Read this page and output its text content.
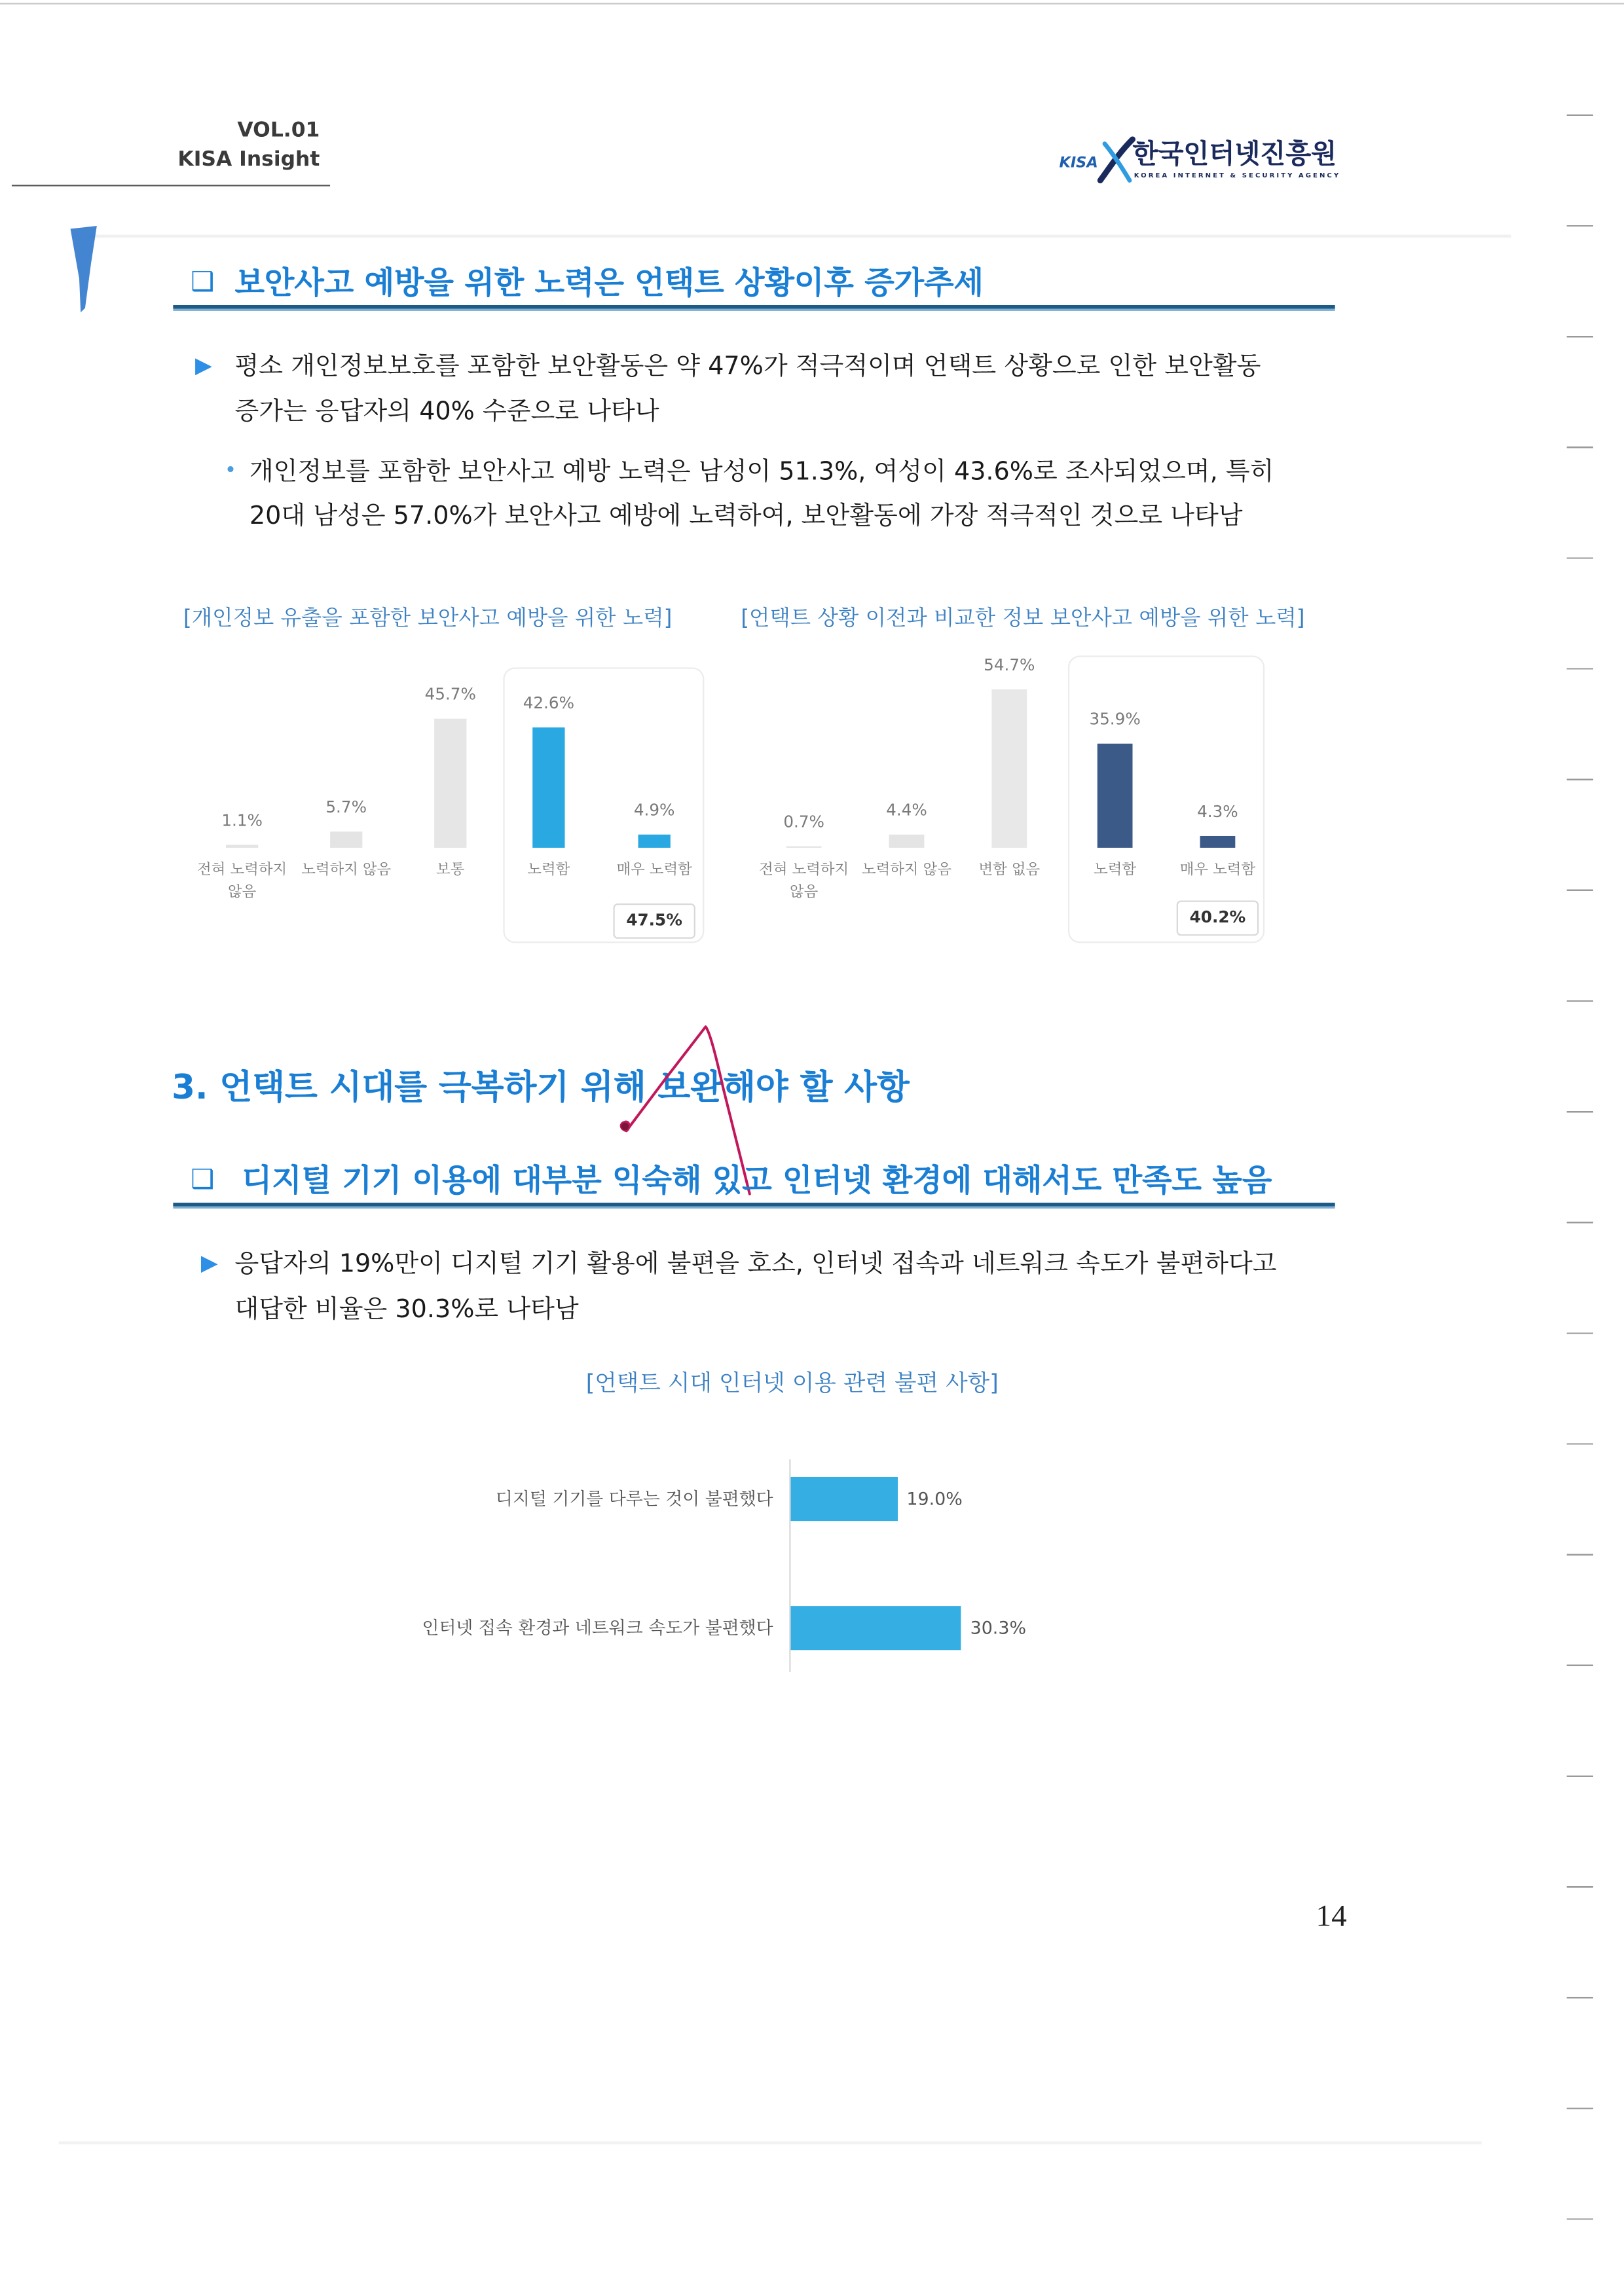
VOL.01
KISA Insight	KISA	한국인터넷진흥원
KOREA INTERNET & SECURITY AGENCY
❑ 보안사고 예방을 위한 노력은 언택트 상황이후 증가추세
▶ 평소 개인정보보호를 포함한 보안활동은 약 47%가 적극적이며 언택트 상황으로 인한 보안활동
증가는 응답자의 40% 수준으로 나타나
• 개인정보를 포함한 보안사고 예방 노력은 남성이 51.3%, 여성이 43.6%로 조사되었으며, 특히
20대 남성은 57.0%가 보안사고 예방에 노력하여, 보안활동에 가장 적극적인 것으로 나타남
[개인정보 유출을 포함한 보안사고 예방을 위한 노력]	[언택트 상황 이전과 비교한 정보 보안사고 예방을 위한 노력]
1.1%
전혀 노력하지 않음
5.7%
노력하지 않음
45.7%
보통
42.6%
노력함
4.9%
매우 노력함
47.5%
0.7%
전혀 노력하지 않음
4.4%
노력하지 않음
54.7%
변함 없음
35.9%
노력함
4.3%
매우 노력함
40.2%
3. 언택트 시대를 극복하기 위해 보완해야 할 사항
❑ 디지털 기기 이용에 대부분 익숙해 있고 인터넷 환경에 대해서도 만족도 높음
▶ 응답자의 19%만이 디지털 기기 활용에 불편을 호소, 인터넷 접속과 네트워크 속도가 불편하다고
대답한 비율은 30.3%로 나타남
[언택트 시대 인터넷 이용 관련 불편 사항]
디지털 기기를 다루는 것이 불편했다	19.0%
인터넷 접속 환경과 네트워크 속도가 불편했다	30.3%
14
